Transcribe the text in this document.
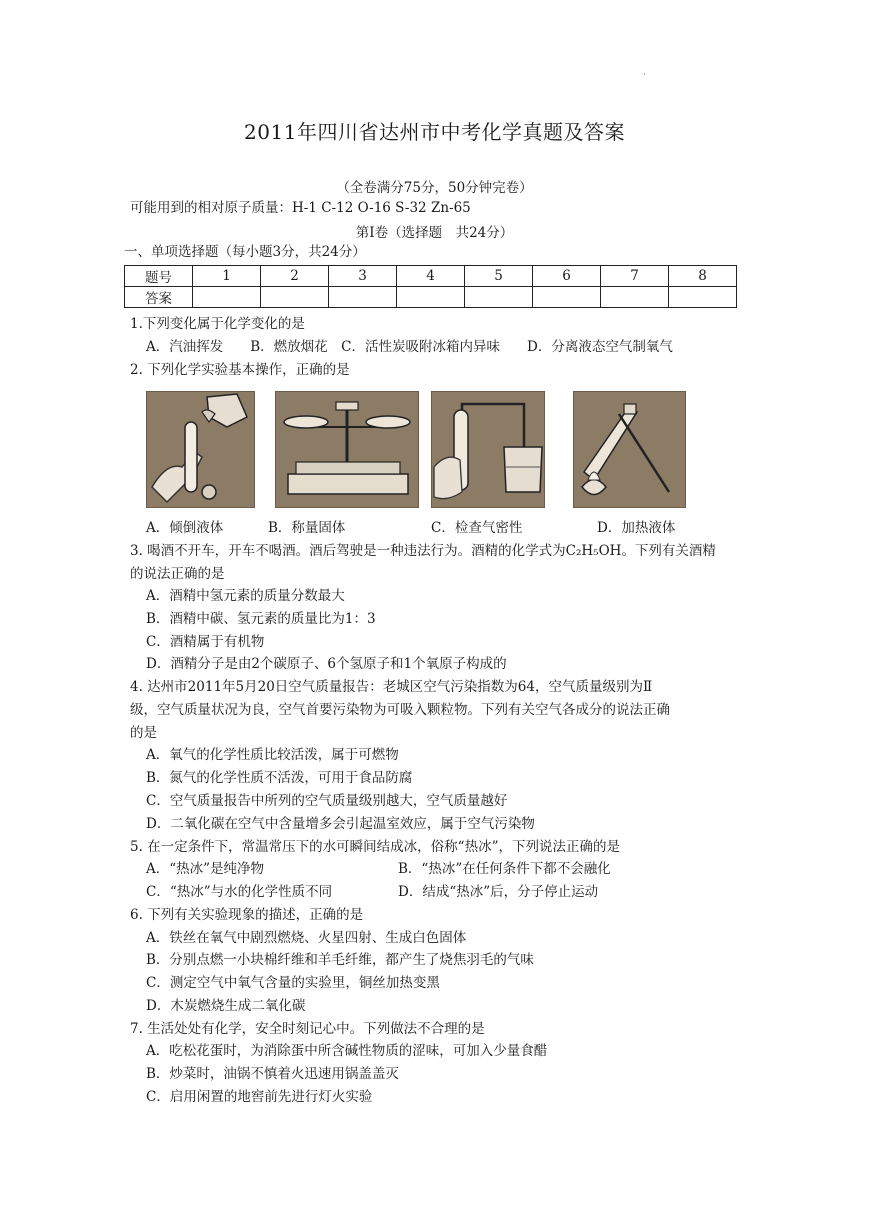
·
2011年四川省达州市中考化学真题及答案
（全卷满分75分，50分钟完卷）
可能用到的相对原子质量：H-1 C-12 O-16 S-32 Zn-65
第Ⅰ卷（选择题　共24分）
一、单项选择题（每小题3分，共24分）
题号	1	2	3	4	5	6	7	8
答案								
1.下列变化属于化学变化的是
A．汽油挥发　　B．燃放烟花　C．活性炭吸附冰箱内异味　　D．分离液态空气制氧气
2. 下列化学实验基本操作，正确的是
A．倾倒液体	B．称量固体	C．检查气密性	D．加热液体
3. 喝酒不开车，开车不喝酒。酒后驾驶是一种违法行为。酒精的化学式为C₂H₅OH。下列有关酒精
的说法正确的是
A．酒精中氢元素的质量分数最大
B．酒精中碳、氢元素的质量比为1：3
C．酒精属于有机物
D．酒精分子是由2个碳原子、6个氢原子和1个氧原子构成的
4. 达州市2011年5月20日空气质量报告：老城区空气污染指数为64，空气质量级别为Ⅱ
级，空气质量状况为良，空气首要污染物为可吸入颗粒物。下列有关空气各成分的说法正确
的是
A．氧气的化学性质比较活泼，属于可燃物
B．氮气的化学性质不活泼，可用于食品防腐
C．空气质量报告中所列的空气质量级别越大，空气质量越好
D．二氧化碳在空气中含量增多会引起温室效应，属于空气污染物
5. 在一定条件下，常温常压下的水可瞬间结成冰，俗称“热冰”，下列说法正确的是
A．“热冰”是纯净物	B．“热冰”在任何条件下都不会融化
C．“热冰”与水的化学性质不同	D．结成“热冰”后，分子停止运动
6. 下列有关实验现象的描述，正确的是
A．铁丝在氧气中剧烈燃烧、火星四射、生成白色固体
B．分别点燃一小块棉纤维和羊毛纤维，都产生了烧焦羽毛的气味
C．测定空气中氧气含量的实验里，铜丝加热变黑
D．木炭燃烧生成二氧化碳
7. 生活处处有化学，安全时刻记心中。下列做法不合理的是
A．吃松花蛋时，为消除蛋中所含碱性物质的涩味，可加入少量食醋
B．炒菜时，油锅不慎着火迅速用锅盖盖灭
C．启用闲置的地窖前先进行灯火实验
